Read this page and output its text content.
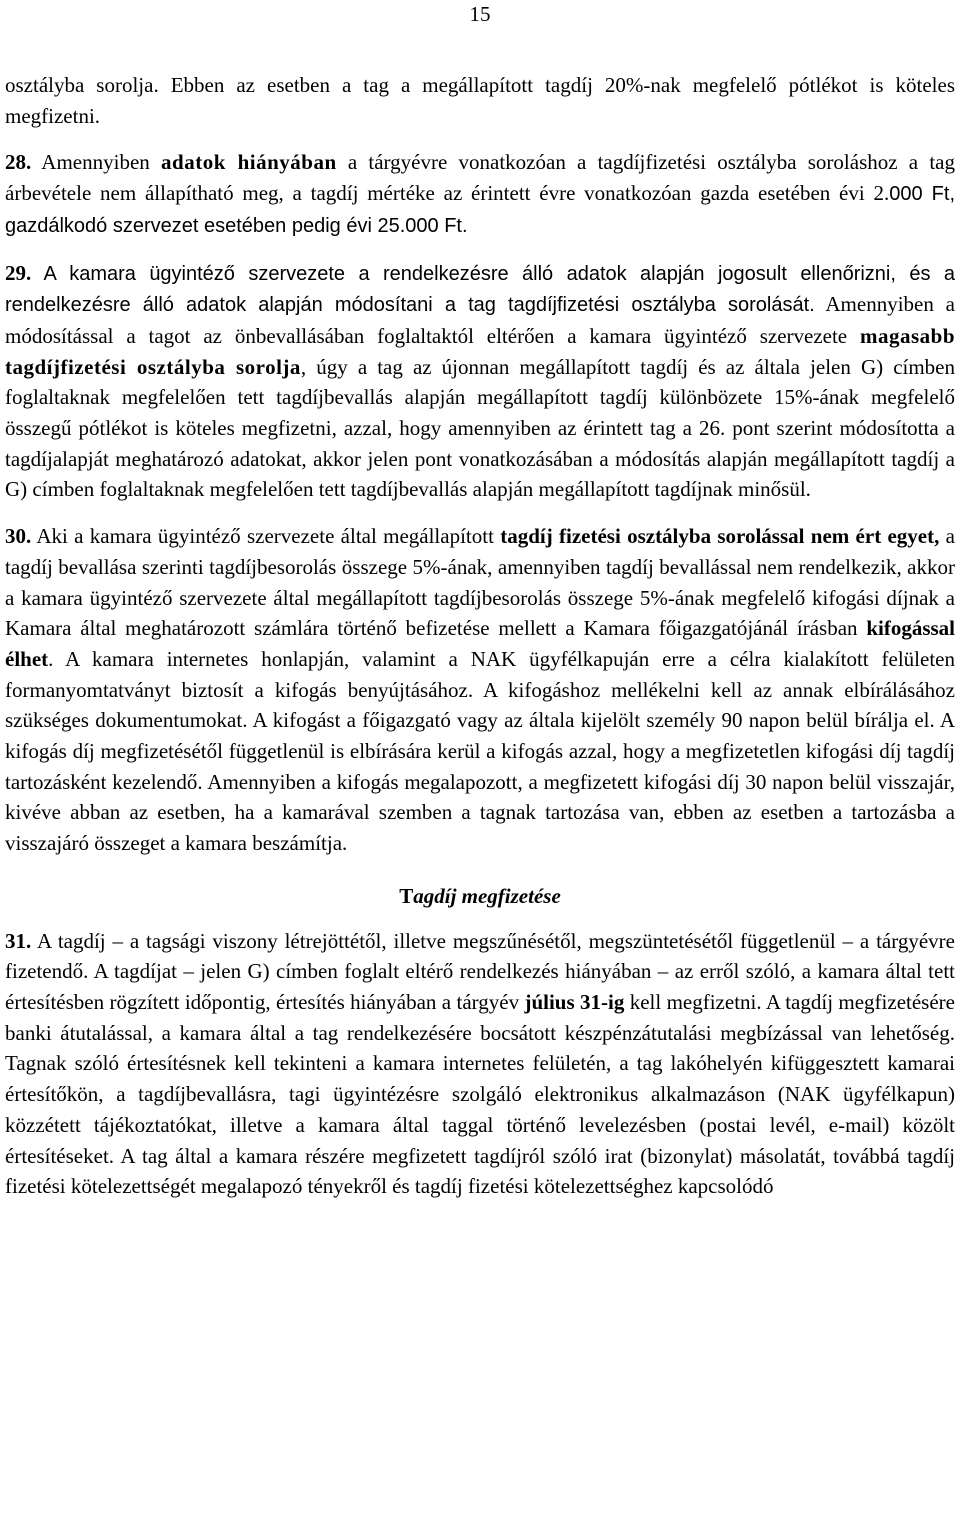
15

osztályba sorolja. Ebben az esetben a tag a megállapított tagdíj 20%-nak megfelelő pótlékot is köteles megfizetni.

28. Amennyiben adatok hiányában a tárgyévre vonatkozóan a tagdíjfizetési osztályba soroláshoz a tag árbevétele nem állapítható meg, a tagdíj mértéke az érintett évre vonatkozóan gazda esetében évi 2.000 Ft, gazdálkodó szervezet esetében pedig évi 25.000 Ft.

29. A kamara ügyintéző szervezete a rendelkezésre álló adatok alapján jogosult ellenőrizni, és a rendelkezésre álló adatok alapján módosítani a tag tagdíjfizetési osztályba sorolását. Amennyiben a módosítással a tagot az önbevallásában foglaltaktól eltérően a kamara ügyintéző szervezete magasabb tagdíjfizetési osztályba sorolja, úgy a tag az újonnan megállapított tagdíj és az általa jelen G) címben foglaltaknak megfelelően tett tagdíjbevallás alapján megállapított tagdíj különbözete 15%-ának megfelelő összegű pótlékot is köteles megfizetni, azzal, hogy amennyiben az érintett tag a 26. pont szerint módosította a tagdíjalapját meghatározó adatokat, akkor jelen pont vonatkozásában a módosítás alapján megállapított tagdíj a G) címben foglaltaknak megfelelően tett tagdíjbevallás alapján megállapított tagdíjnak minősül.

30. Aki a kamara ügyintéző szervezete által megállapított tagdíj fizetési osztályba sorolással nem ért egyet, a tagdíj bevallása szerinti tagdíjbesorolás összege 5%-ának, amennyiben tagdíj bevallással nem rendelkezik, akkor a kamara ügyintéző szervezete által megállapított tagdíjbesorolás összege 5%-ának megfelelő kifogási díjnak a Kamara által meghatározott számlára történő befizetése mellett a Kamara főigazgatójánál írásban kifogással élhet. A kamara internetes honlapján, valamint a NAK ügyfélkapuján erre a célra kialakított felületen formanyomtatványt biztosít a kifogás benyújtásához. A kifogáshoz mellékelni kell az annak elbírálásához szükséges dokumentumokat. A kifogást a főigazgató vagy az általa kijelölt személy 90 napon belül bírálja el. A kifogás díj megfizetésétől függetlenül is elbírására kerül a kifogás azzal, hogy a megfizetetlen kifogási díj tagdíj tartozásként kezelendő. Amennyiben a kifogás megalapozott, a megfizetett kifogási díj 30 napon belül visszajár, kivéve abban az esetben, ha a kamarával szemben a tagnak tartozása van, ebben az esetben a tartozásba a visszajáró összeget a kamara beszámítja.

Tagdíj megfizetése

31. A tagdíj – a tagsági viszony létrejöttétől, illetve megszűnésétől, megszüntetésétől függetlenül – a tárgyévre fizetendő. A tagdíjat – jelen G) címben foglalt eltérő rendelkezés hiányában – az erről szóló, a kamara által tett értesítésben rögzített időpontig, értesítés hiányában a tárgyév július 31-ig kell megfizetni. A tagdíj megfizetésére banki átutalással, a kamara által a tag rendelkezésére bocsátott készpénzátutalási megbízással van lehetőség. Tagnak szóló értesítésnek kell tekinteni a kamara internetes felületén, a tag lakóhelyén kifüggesztett kamarai értesítőkön, a tagdíjbevallásra, tagi ügyintézésre szolgáló elektronikus alkalmazáson (NAK ügyfélkapun) közzétett tájékoztatókat, illetve a kamara által taggal történő levelezésben (postai levél, e-mail) közölt értesítéseket. A tag által a kamara részére megfizetett tagdíjról szóló irat (bizonylat) másolatát, továbbá tagdíj fizetési kötelezettségét megalapozó tényekről és tagdíj fizetési kötelezettséghez kapcsolódó
